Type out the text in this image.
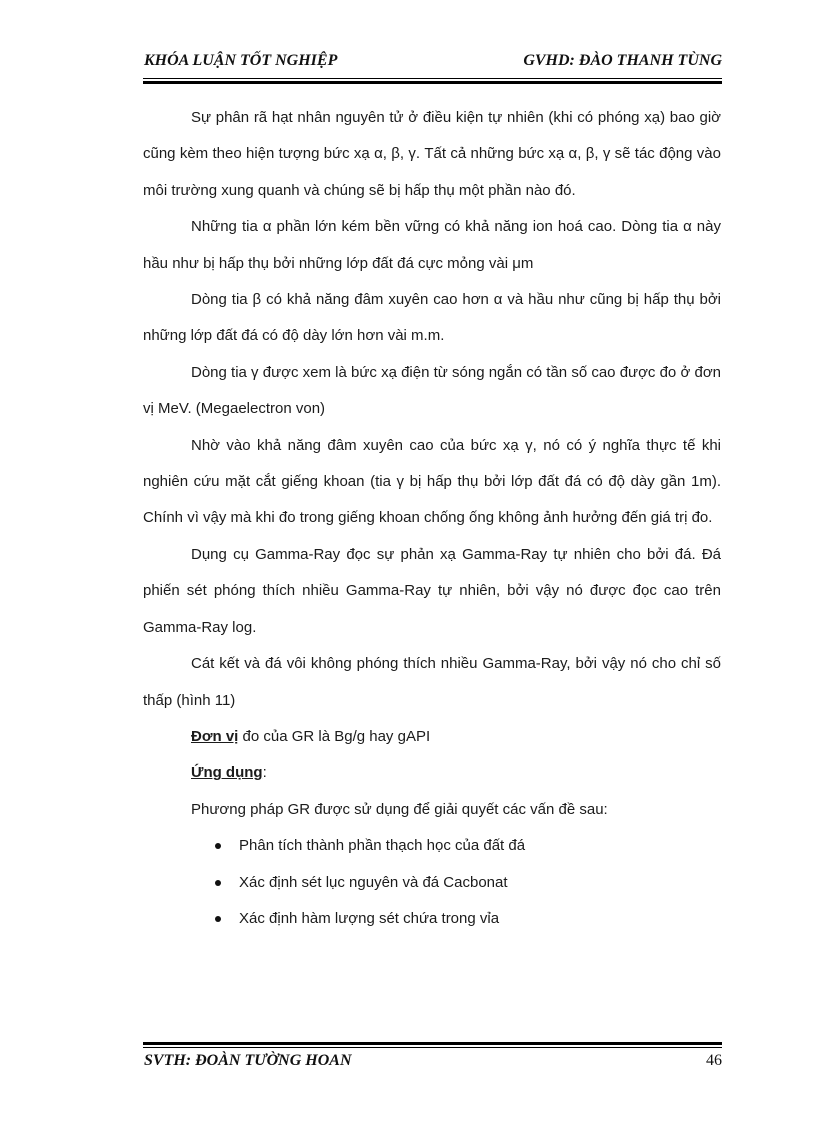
KHÓA LUẬN TỐT NGHIỆP	GVHD: ĐÀO THANH TÙNG

Sự phân rã hạt nhân nguyên tử ở điều kiện tự nhiên (khi có phóng xạ) bao giờ cũng kèm theo hiện tượng bức xạ α, β, γ. Tất cả những bức xạ α, β, γ sẽ tác động vào môi trường xung quanh và chúng sẽ bị hấp thụ một phần nào đó.

Những tia α phần lớn kém bền vững có khả năng ion hoá cao. Dòng tia α này hầu như bị hấp thụ bởi những lớp đất đá cực mỏng vài μm

Dòng tia β có khả năng đâm xuyên cao hơn α và hầu như cũng bị hấp thụ bởi những lớp đất đá có độ dày lớn hơn vài m.m.

Dòng tia γ được xem là bức xạ điện từ sóng ngắn có tần số cao được đo ở đơn vị MeV. (Megaelectron von)

Nhờ vào khả năng đâm xuyên cao của bức xạ γ, nó có ý nghĩa thực tế khi nghiên cứu mặt cắt giếng khoan (tia γ bị hấp thụ bởi lớp đất đá có độ dày gần 1m). Chính vì vậy mà khi đo trong giếng khoan chống ống không ảnh hưởng đến giá trị đo.

Dụng cụ Gamma-Ray đọc sự phản xạ Gamma-Ray tự nhiên cho bởi đá. Đá phiến sét phóng thích nhiều Gamma-Ray tự nhiên, bởi vậy nó được đọc cao trên Gamma-Ray log.

Cát kết và đá vôi không phóng thích nhiều Gamma-Ray, bởi vậy nó cho chỉ số thấp (hình 11)

Đơn vị đo của GR là Bg/g hay gAPI

Ứng dụng:

Phương pháp GR được sử dụng để giải quyết các vấn đề sau:

Phân tích thành phần thạch học của đất đá
Xác định sét lục nguyên và đá Cacbonat
Xác định hàm lượng sét chứa trong vỉa
SVTH: ĐOÀN TƯỜNG HOAN	46
